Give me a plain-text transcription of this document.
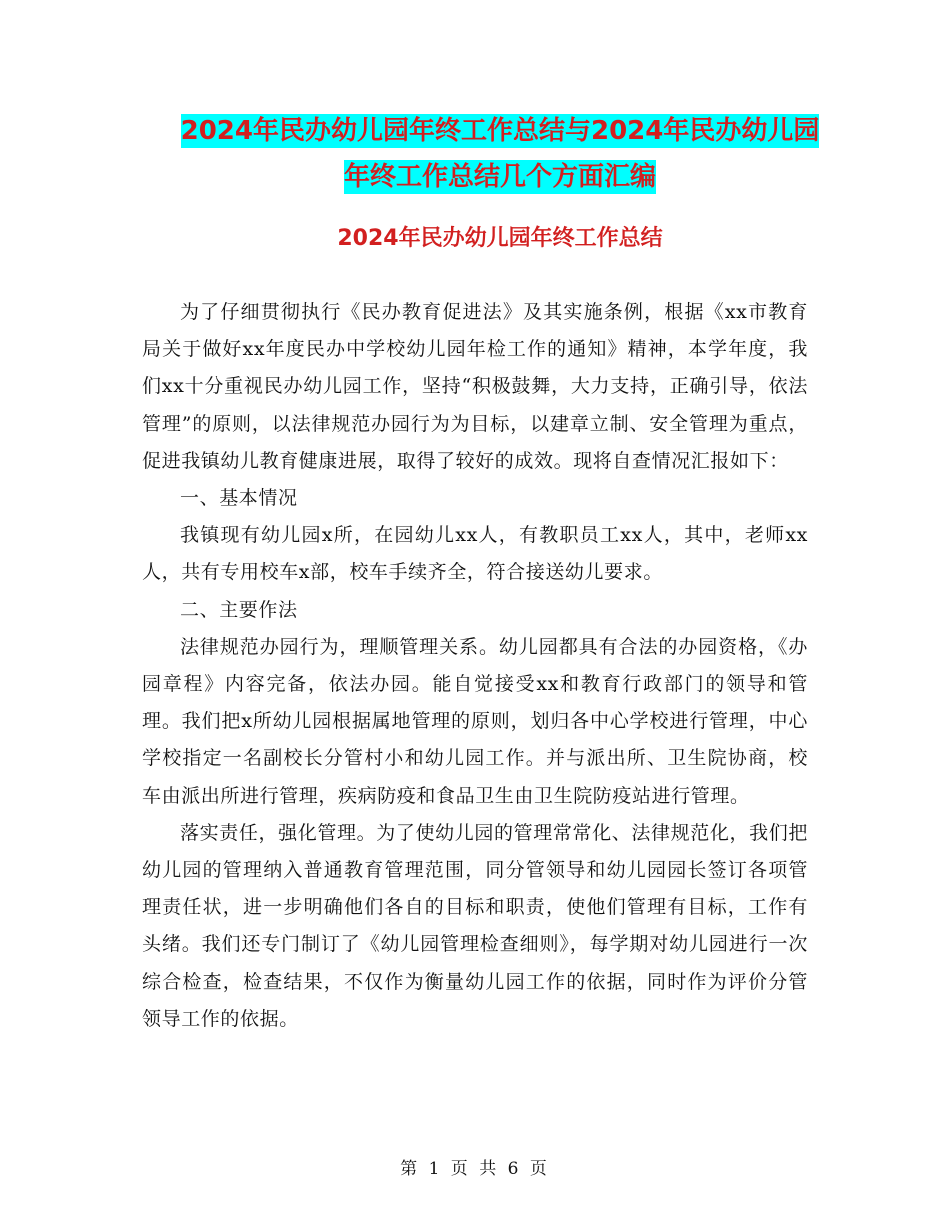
2024年民办幼儿园年终工作总结与2024年民办幼儿园
年终工作总结几个方面汇编
2024年民办幼儿园年终工作总结

为了仔细贯彻执行《民办教育促进法》及其实施条例，根据《xx市教育局关于做好xx年度民办中学校幼儿园年检工作的通知》精神，本学年度，我们xx十分重视民办幼儿园工作，坚持“积极鼓舞，大力支持，正确引导，依法管理”的原则，以法律规范办园行为为目标，以建章立制、安全管理为重点，促进我镇幼儿教育健康进展，取得了较好的成效。现将自查情况汇报如下：

一、基本情况

我镇现有幼儿园x所，在园幼儿xx人，有教职员工xx人，其中，老师xx人，共有专用校车x部，校车手续齐全，符合接送幼儿要求。

二、主要作法

法律规范办园行为，理顺管理关系。幼儿园都具有合法的办园资格，《办园章程》内容完备，依法办园。能自觉接受xx和教育行政部门的领导和管理。我们把x所幼儿园根据属地管理的原则，划归各中心学校进行管理，中心学校指定一名副校长分管村小和幼儿园工作。并与派出所、卫生院协商，校车由派出所进行管理，疾病防疫和食品卫生由卫生院防疫站进行管理。

落实责任，强化管理。为了使幼儿园的管理常常化、法律规范化，我们把幼儿园的管理纳入普通教育管理范围，同分管领导和幼儿园园长签订各项管理责任状，进一步明确他们各自的目标和职责，使他们管理有目标，工作有头绪。我们还专门制订了《幼儿园管理检查细则》，每学期对幼儿园进行一次综合检查，检查结果，不仅作为衡量幼儿园工作的依据，同时作为评价分管领导工作的依据。

第 1 页 共 6 页
